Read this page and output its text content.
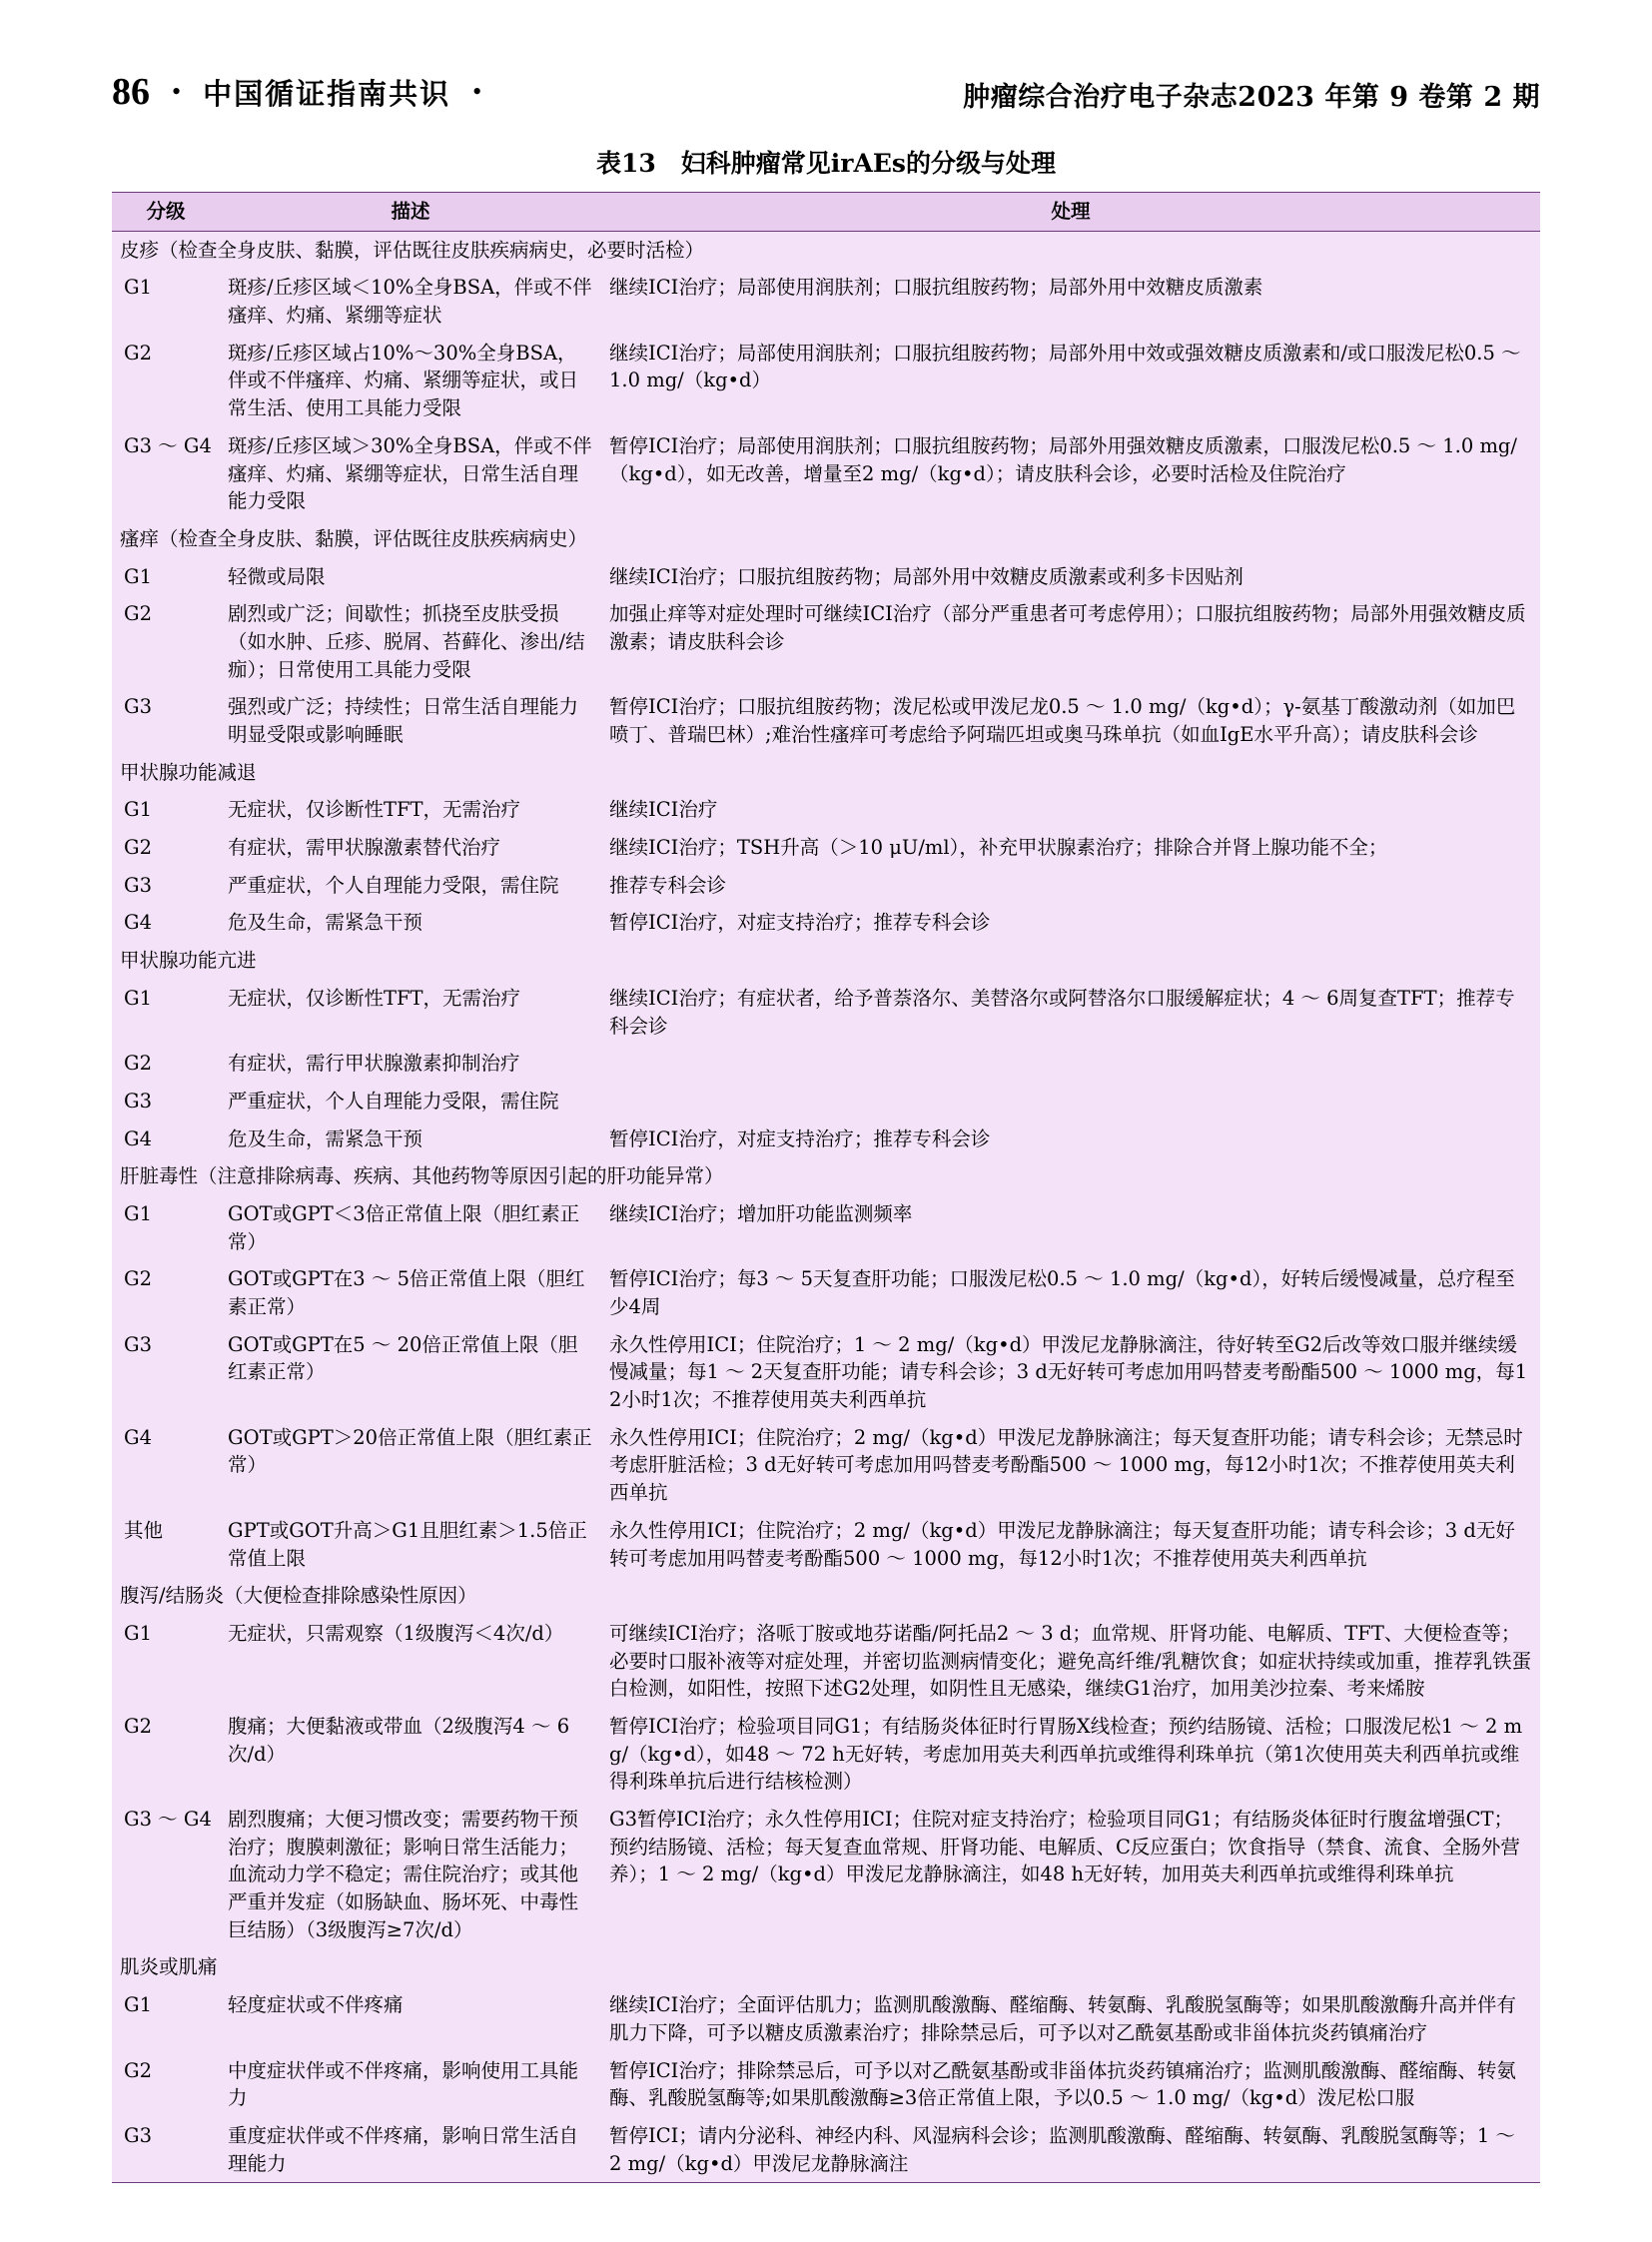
86 • 中国循证指南共识 •	肿瘤综合治疗电子杂志2023 年第 9 卷第 2 期
表13　妇科肿瘤常见irAEs的分级与处理
分级	描述	处理
皮疹（检查全身皮肤、黏膜，评估既往皮肤疾病病史，必要时活检）		
G1	斑疹/丘疹区域＜10%全身BSA，伴或不伴瘙痒、灼痛、紧绷等症状	继续ICI治疗；局部使用润肤剂；口服抗组胺药物；局部外用中效糖皮质激素
G2	斑疹/丘疹区域占10%～30%全身BSA，伴或不伴瘙痒、灼痛、紧绷等症状，或日常生活、使用工具能力受限	继续ICI治疗；局部使用润肤剂；口服抗组胺药物；局部外用中效或强效糖皮质激素和/或口服泼尼松0.5 ～ 1.0 mg/（kg•d）
G3 ～ G4	斑疹/丘疹区域＞30%全身BSA，伴或不伴瘙痒、灼痛、紧绷等症状，日常生活自理能力受限	暂停ICI治疗；局部使用润肤剂；口服抗组胺药物；局部外用强效糖皮质激素，口服泼尼松0.5 ～ 1.0 mg/（kg•d），如无改善，增量至2 mg/（kg•d）；请皮肤科会诊，必要时活检及住院治疗
瘙痒（检查全身皮肤、黏膜，评估既往皮肤疾病病史）		
G1	轻微或局限	继续ICI治疗；口服抗组胺药物；局部外用中效糖皮质激素或利多卡因贴剂
G2	剧烈或广泛；间歇性；抓挠至皮肤受损（如水肿、丘疹、脱屑、苔藓化、渗出/结痂）；日常使用工具能力受限	加强止痒等对症处理时可继续ICI治疗（部分严重患者可考虑停用）；口服抗组胺药物；局部外用强效糖皮质激素；请皮肤科会诊
G3	强烈或广泛；持续性；日常生活自理能力明显受限或影响睡眠	暂停ICI治疗；口服抗组胺药物；泼尼松或甲泼尼龙0.5 ～ 1.0 mg/（kg•d）；γ-氨基丁酸激动剂（如加巴喷丁、普瑞巴林）;难治性瘙痒可考虑给予阿瑞匹坦或奥马珠单抗（如血IgE水平升高）；请皮肤科会诊
甲状腺功能减退		
G1	无症状，仅诊断性TFT，无需治疗	继续ICI治疗
G2	有症状，需甲状腺激素替代治疗	继续ICI治疗；TSH升高（＞10 μU/ml），补充甲状腺素治疗；排除合并肾上腺功能不全；
G3	严重症状，个人自理能力受限，需住院	推荐专科会诊
G4	危及生命，需紧急干预	暂停ICI治疗，对症支持治疗；推荐专科会诊
甲状腺功能亢进		
G1	无症状，仅诊断性TFT，无需治疗	继续ICI治疗；有症状者，给予普萘洛尔、美替洛尔或阿替洛尔口服缓解症状；4 ～ 6周复查TFT；推荐专科会诊
G2	有症状，需行甲状腺激素抑制治疗	
G3	严重症状，个人自理能力受限，需住院	
G4	危及生命，需紧急干预	暂停ICI治疗，对症支持治疗；推荐专科会诊
肝脏毒性（注意排除病毒、疾病、其他药物等原因引起的肝功能异常）		
G1	GOT或GPT＜3倍正常值上限（胆红素正常）	继续ICI治疗；增加肝功能监测频率
G2	GOT或GPT在3 ～ 5倍正常值上限（胆红素正常）	暂停ICI治疗；每3 ～ 5天复查肝功能；口服泼尼松0.5 ～ 1.0 mg/（kg•d），好转后缓慢减量，总疗程至少4周
G3	GOT或GPT在5 ～ 20倍正常值上限（胆红素正常）	永久性停用ICI；住院治疗；1 ～ 2 mg/（kg•d）甲泼尼龙静脉滴注，待好转至G2后改等效口服并继续缓慢减量；每1 ～ 2天复查肝功能；请专科会诊；3 d无好转可考虑加用吗替麦考酚酯500 ～ 1000 mg，每12小时1次；不推荐使用英夫利西单抗
G4	GOT或GPT＞20倍正常值上限（胆红素正常）	永久性停用ICI；住院治疗；2 mg/（kg•d）甲泼尼龙静脉滴注；每天复查肝功能；请专科会诊；无禁忌时考虑肝脏活检；3 d无好转可考虑加用吗替麦考酚酯500 ～ 1000 mg，每12小时1次；不推荐使用英夫利西单抗
其他	GPT或GOT升高＞G1且胆红素＞1.5倍正常值上限	永久性停用ICI；住院治疗；2 mg/（kg•d）甲泼尼龙静脉滴注；每天复查肝功能；请专科会诊；3 d无好转可考虑加用吗替麦考酚酯500 ～ 1000 mg，每12小时1次；不推荐使用英夫利西单抗
腹泻/结肠炎（大便检查排除感染性原因）		
G1	无症状，只需观察（1级腹泻＜4次/d）	可继续ICI治疗；洛哌丁胺或地芬诺酯/阿托品2 ～ 3 d；血常规、肝肾功能、电解质、TFT、大便检查等；必要时口服补液等对症处理，并密切监测病情变化；避免高纤维/乳糖饮食；如症状持续或加重，推荐乳铁蛋白检测，如阳性，按照下述G2处理，如阴性且无感染，继续G1治疗，加用美沙拉秦、考来烯胺
G2	腹痛；大便黏液或带血（2级腹泻4 ～ 6次/d）	暂停ICI治疗；检验项目同G1；有结肠炎体征时行胃肠X线检查；预约结肠镜、活检；口服泼尼松1 ～ 2 mg/（kg•d），如48 ～ 72 h无好转，考虑加用英夫利西单抗或维得利珠单抗（第1次使用英夫利西单抗或维得利珠单抗后进行结核检测）
G3 ～ G4	剧烈腹痛；大便习惯改变；需要药物干预治疗；腹膜刺激征；影响日常生活能力；血流动力学不稳定；需住院治疗；或其他严重并发症（如肠缺血、肠坏死、中毒性巨结肠）（3级腹泻≥7次/d）	G3暂停ICI治疗；永久性停用ICI；住院对症支持治疗；检验项目同G1；有结肠炎体征时行腹盆增强CT；预约结肠镜、活检；每天复查血常规、肝肾功能、电解质、C反应蛋白；饮食指导（禁食、流食、全肠外营养）；1 ～ 2 mg/（kg•d）甲泼尼龙静脉滴注，如48 h无好转，加用英夫利西单抗或维得利珠单抗
肌炎或肌痛		
G1	轻度症状或不伴疼痛	继续ICI治疗；全面评估肌力；监测肌酸激酶、醛缩酶、转氨酶、乳酸脱氢酶等；如果肌酸激酶升高并伴有肌力下降，可予以糖皮质激素治疗；排除禁忌后，可予以对乙酰氨基酚或非甾体抗炎药镇痛治疗
G2	中度症状伴或不伴疼痛，影响使用工具能力	暂停ICI治疗；排除禁忌后，可予以对乙酰氨基酚或非甾体抗炎药镇痛治疗；监测肌酸激酶、醛缩酶、转氨酶、乳酸脱氢酶等;如果肌酸激酶≥3倍正常值上限，予以0.5 ～ 1.0 mg/（kg•d）泼尼松口服
G3	重度症状伴或不伴疼痛，影响日常生活自理能力	暂停ICI；请内分泌科、神经内科、风湿病科会诊；监测肌酸激酶、醛缩酶、转氨酶、乳酸脱氢酶等；1 ～ 2 mg/（kg•d）甲泼尼龙静脉滴注
